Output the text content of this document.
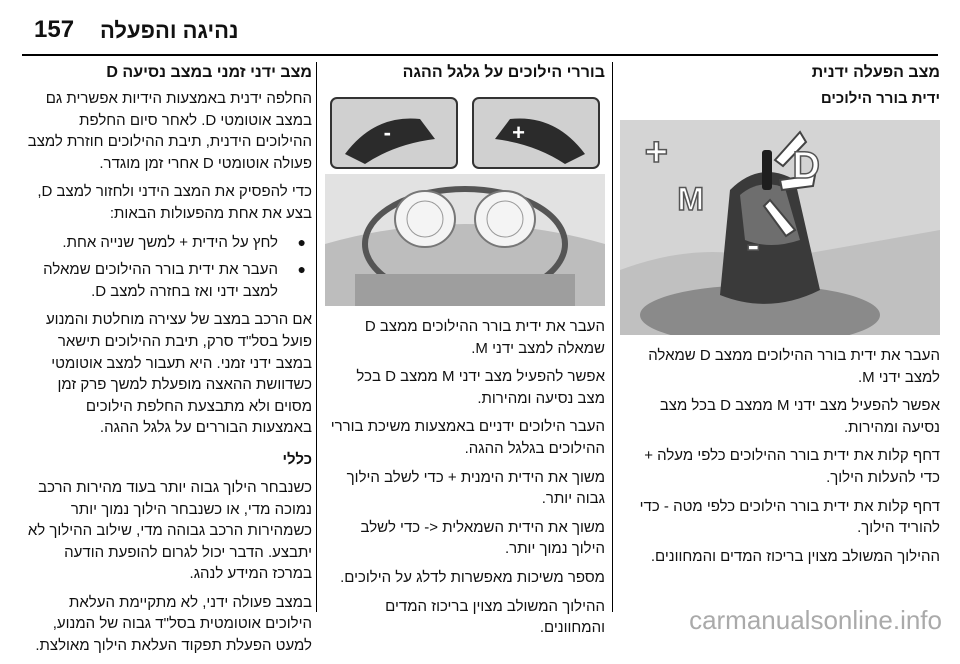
157 נהיגה והפעלה
מצב הפעלה ידנית
ידית בורר הילוכים
D
M
+
-

העבר את ידית בורר ההילוכים ממצב D שמאלה למצב ידני M.

אפשר להפעיל מצב ידני M ממצב D בכל מצב נסיעה ומהירות.

דחף קלות את ידית בורר ההילוכים כלפי מעלה + כדי להעלות הילוך.

דחף קלות את ידית בורר הילוכים כלפי מטה - כדי להוריד הילוך.

ההילוך המשולב מצוין בריכוז המדים והמחוונים.

בוררי הילוכים על גלגל ההגה
-	+

העבר את ידית בורר ההילוכים ממצב D שמאלה למצב ידני M.

אפשר להפעיל מצב ידני M ממצב D בכל מצב נסיעה ומהירות.

העבר הילוכים ידניים באמצעות משיכת בוררי ההילוכים בגלגל ההגה.

משוך את הידית הימנית + כדי לשלב הילוך גבוה יותר.

משוך את הידית השמאלית <- כדי לשלב הילוך נמוך יותר.

מספר משיכות מאפשרות לדלג על הילוכים.

ההילוך המשולב מצוין בריכוז המדים והמחוונים.

מצב ידני זמני במצב נסיעה D

החלפה ידנית באמצעות הידיות אפשרית גם במצב אוטומטי D. לאחר סיום החלפת ההילוכים הידנית, תיבת ההילוכים חוזרת למצב פעולה אוטומטי D אחרי זמן מוגדר.

כדי להפסיק את המצב הידני ולחזור למצב D, בצע את אחת מהפעולות הבאות:

●
לחץ על הידית + למשך שנייה אחת.
●
העבר את ידית בורר ההילוכים שמאלה למצב ידני ואז בחזרה למצב D.

אם הרכב במצב של עצירה מוחלטת והמנוע פועל בסל"ד סרק, תיבת ההילוכים תישאר במצב ידני זמני. היא תעבור למצב אוטומטי כשדוושת ההאצה מופעלת למשך פרק זמן מסוים ולא מתבצעת החלפת הילוכים באמצעות הבוררים על גלגל ההגה.

כללי

כשנבחר הילוך גבוה יותר בעוד מהירות הרכב נמוכה מדי, או כשנבחר הילוך נמוך יותר כשמהירות הרכב גבוהה מדי, שילוב ההילוך לא יתבצע. הדבר יכול לגרום להופעת הודעה במרכז המידע לנהג.

במצב פעולה ידני, לא מתקיימת העלאת הילוכים אוטומטית בסל"ד גבוה של המנוע, למעט הפעלת תפקוד העלאת הילוך מאולצת.

carmanualsonline.info
